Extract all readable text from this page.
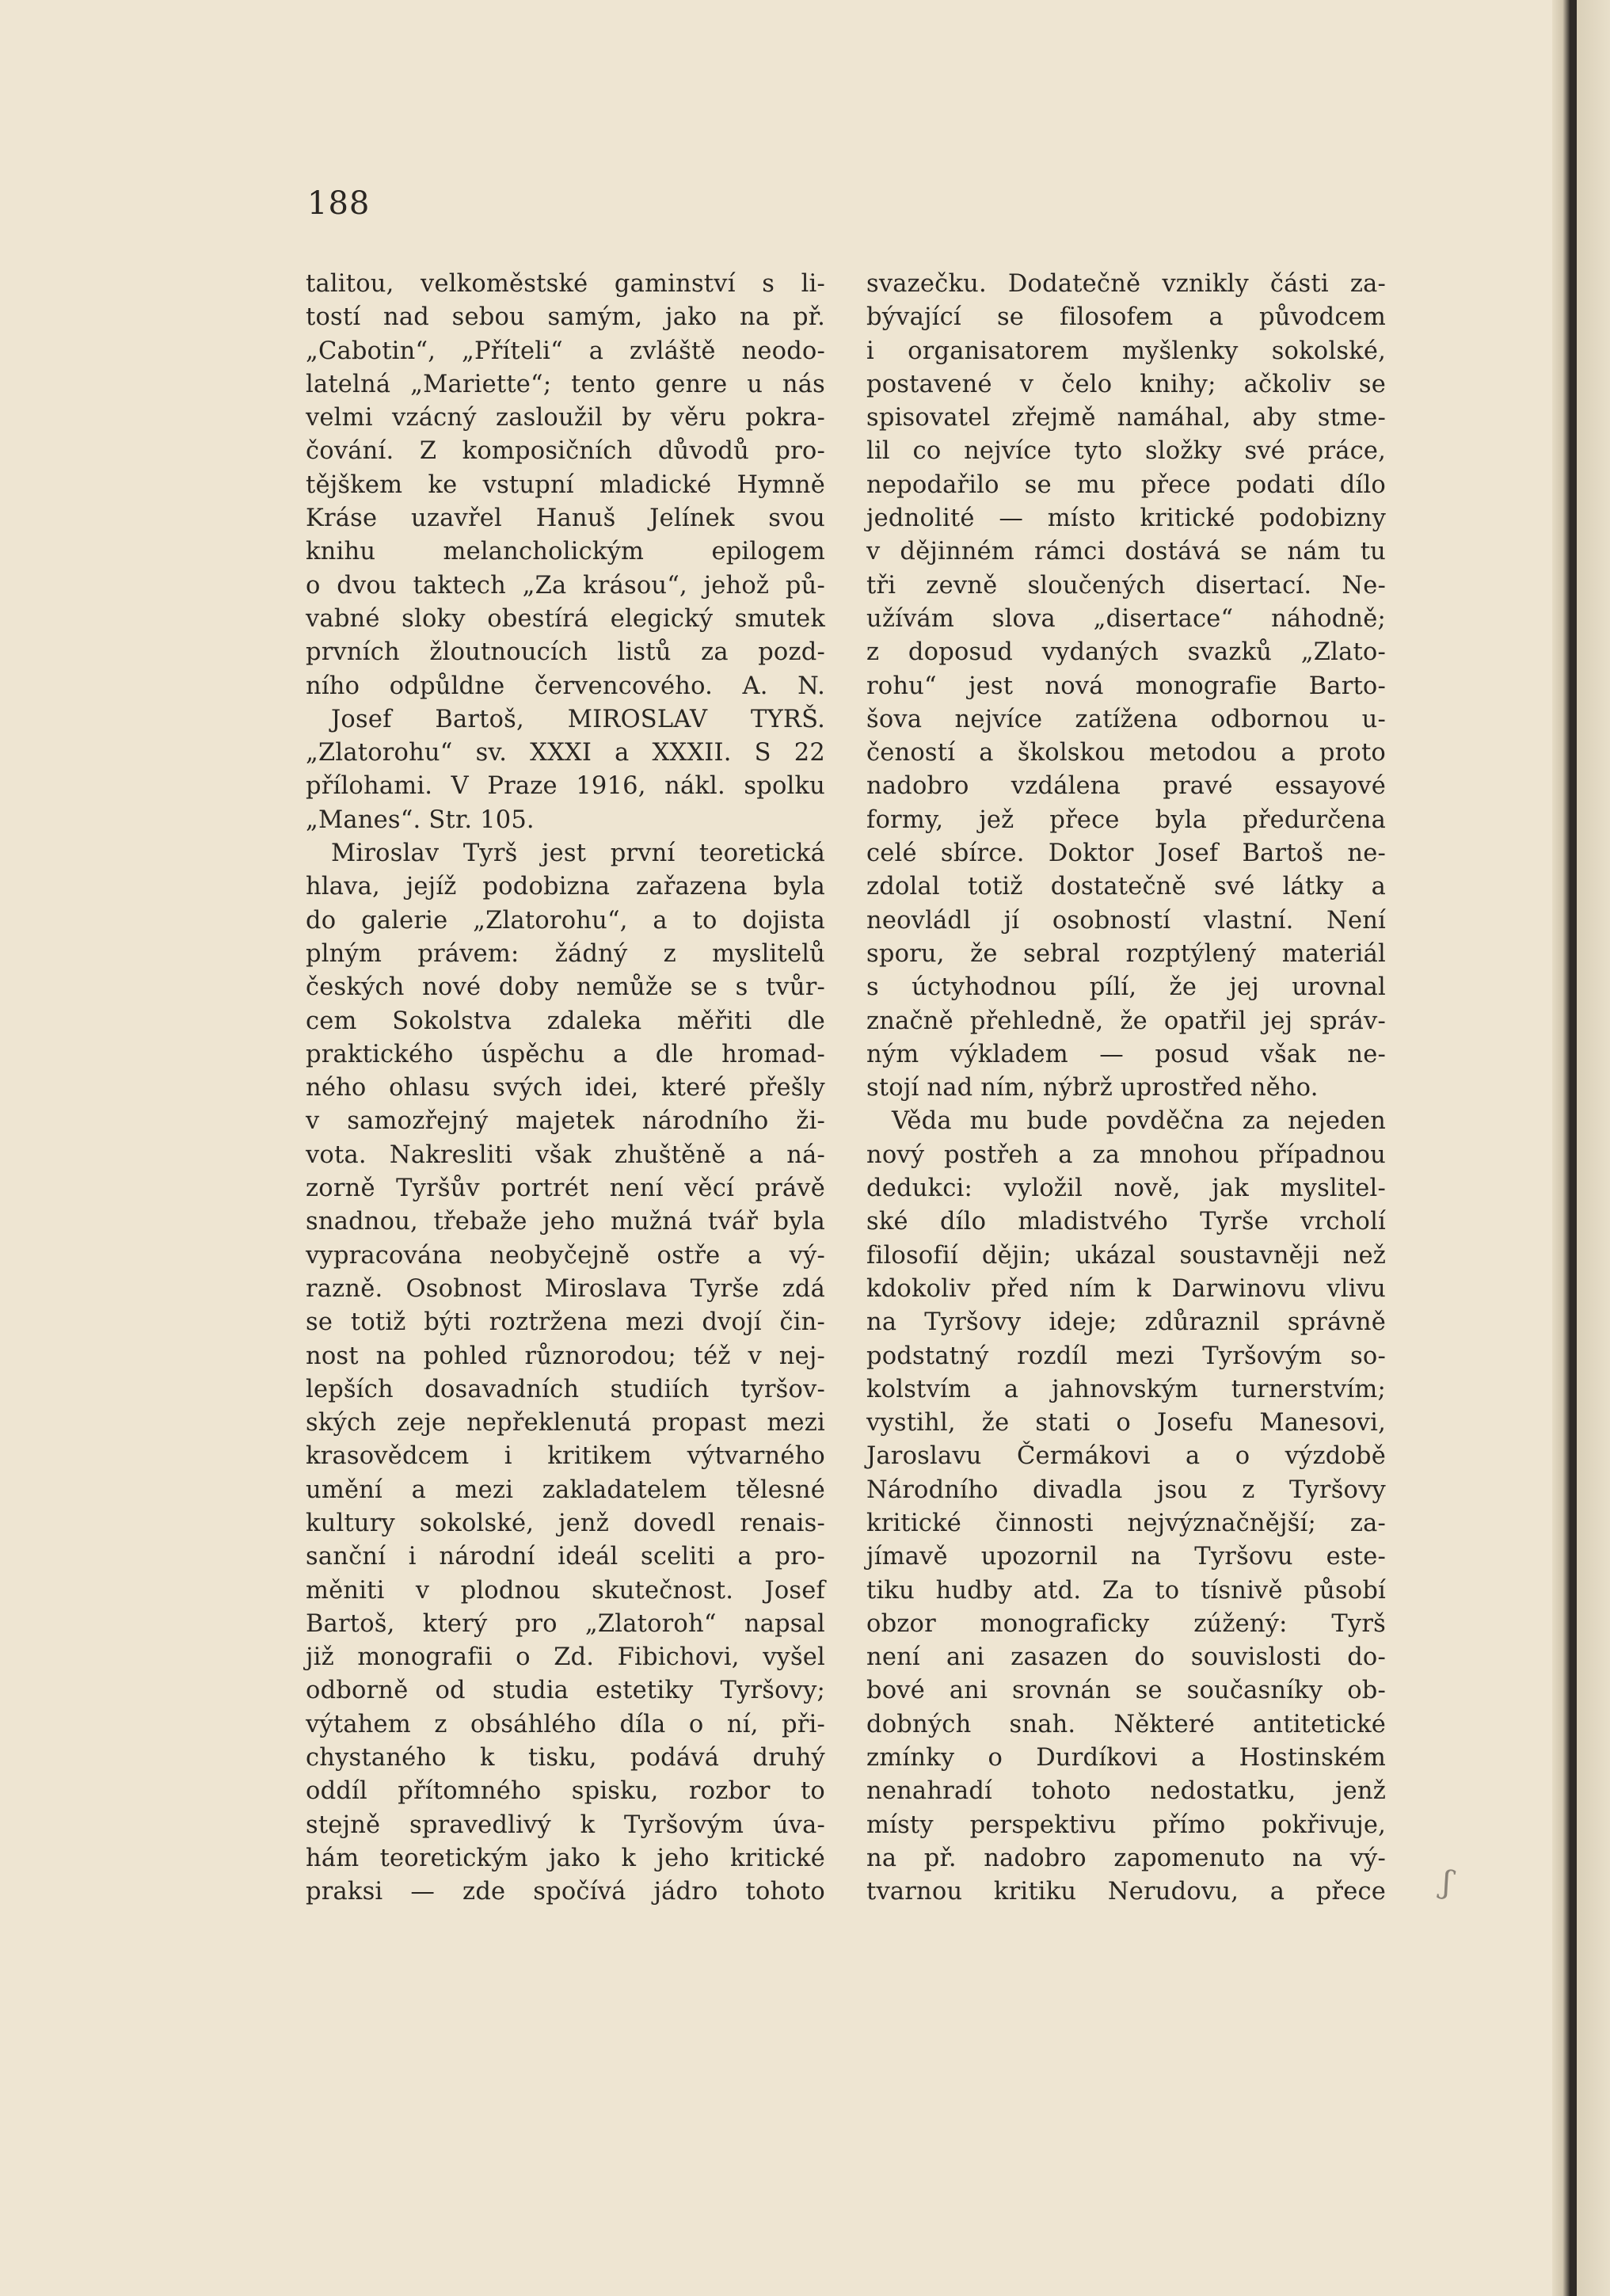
188
talitou, velkoměstské gaminství s li-
tostí nad sebou samým, jako na př.
„Cabotin“, „Příteli“ a zvláště neodo-
latelná „Mariette“; tento genre u nás
velmi vzácný zasloužil by věru pokra-
čování. Z komposičních důvodů pro-
tějškem ke vstupní mladické Hymně
Kráse uzavřel Hanuš Jelínek svou
knihu melancholickým epilogem
o dvou taktech „Za krásou“, jehož pů-
vabné sloky obestírá elegický smutek
prvních žloutnoucích listů za pozd-
ního odpůldne červencového. A. N.
Josef Bartoš, MIROSLAV TYRŠ.
„Zlatorohu“ sv. XXXI a XXXII. S 22
přílohami. V Praze 1916, nákl. spolku
„Manes“. Str. 105.
Miroslav Tyrš jest první teoretická
hlava, jejíž podobizna zařazena byla
do galerie „Zlatorohu“, a to dojista
plným právem: žádný z myslitelů
českých nové doby nemůže se s tvůr-
cem Sokolstva zdaleka měřiti dle
praktického úspěchu a dle hromad-
ného ohlasu svých idei, které přešly
v samozřejný majetek národního ži-
vota. Nakresliti však zhuštěně a ná-
zorně Tyršův portrét není věcí právě
snadnou, třebaže jeho mužná tvář byla
vypracována neobyčejně ostře a vý-
razně. Osobnost Miroslava Tyrše zdá
se totiž býti roztržena mezi dvojí čin-
nost na pohled různorodou; též v nej-
lepších dosavadních studiích tyršov-
ských zeje nepřeklenutá propast mezi
krasovědcem i kritikem výtvarného
umění a mezi zakladatelem tělesné
kultury sokolské, jenž dovedl renais-
sanční i národní ideál sceliti a pro-
měniti v plodnou skutečnost. Josef
Bartoš, který pro „Zlatoroh“ napsal
již monografii o Zd. Fibichovi, vyšel
odborně od studia estetiky Tyršovy;
výtahem z obsáhlého díla o ní, při-
chystaného k tisku, podává druhý
oddíl přítomného spisku, rozbor to
stejně spravedlivý k Tyršovým úva-
hám teoretickým jako k jeho kritické
praksi — zde spočívá jádro tohoto
svazečku. Dodatečně vznikly části za-
bývající se filosofem a původcem
i organisatorem myšlenky sokolské,
postavené v čelo knihy; ačkoliv se
spisovatel zřejmě namáhal, aby stme-
lil co nejvíce tyto složky své práce,
nepodařilo se mu přece podati dílo
jednolité — místo kritické podobizny
v dějinném rámci dostává se nám tu
tři zevně sloučených disertací. Ne-
užívám slova „disertace“ náhodně;
z doposud vydaných svazků „Zlato-
rohu“ jest nová monografie Barto-
šova nejvíce zatížena odbornou u-
čeností a školskou metodou a proto
nadobro vzdálena pravé essayové
formy, jež přece byla předurčena
celé sbírce. Doktor Josef Bartoš ne-
zdolal totiž dostatečně své látky a
neovládl jí osobností vlastní. Není
sporu, že sebral rozptýlený materiál
s úctyhodnou pílí, že jej urovnal
značně přehledně, že opatřil jej správ-
ným výkladem — posud však ne-
stojí nad ním, nýbrž uprostřed něho.
Věda mu bude povděčna za nejeden
nový postřeh a za mnohou případnou
dedukci: vyložil nově, jak myslitel-
ské dílo mladistvého Tyrše vrcholí
filosofií dějin; ukázal soustavněji než
kdokoliv před ním k Darwinovu vlivu
na Tyršovy ideje; zdůraznil správně
podstatný rozdíl mezi Tyršovým so-
kolstvím a jahnovským turnerstvím;
vystihl, že stati o Josefu Manesovi,
Jaroslavu Čermákovi a o výzdobě
Národního divadla jsou z Tyršovy
kritické činnosti nejvýznačnější; za-
jímavě upozornil na Tyršovu este-
tiku hudby atd. Za to tísnivě působí
obzor monograficky zúžený: Tyrš
není ani zasazen do souvislosti do-
bové ani srovnán se současníky ob-
dobných snah. Některé antitetické
zmínky o Durdíkovi a Hostinském
nenahradí tohoto nedostatku, jenž
místy perspektivu přímo pokřivuje,
na př. nadobro zapomenuto na vý-
tvarnou kritiku Nerudovu, a přece ʃ
